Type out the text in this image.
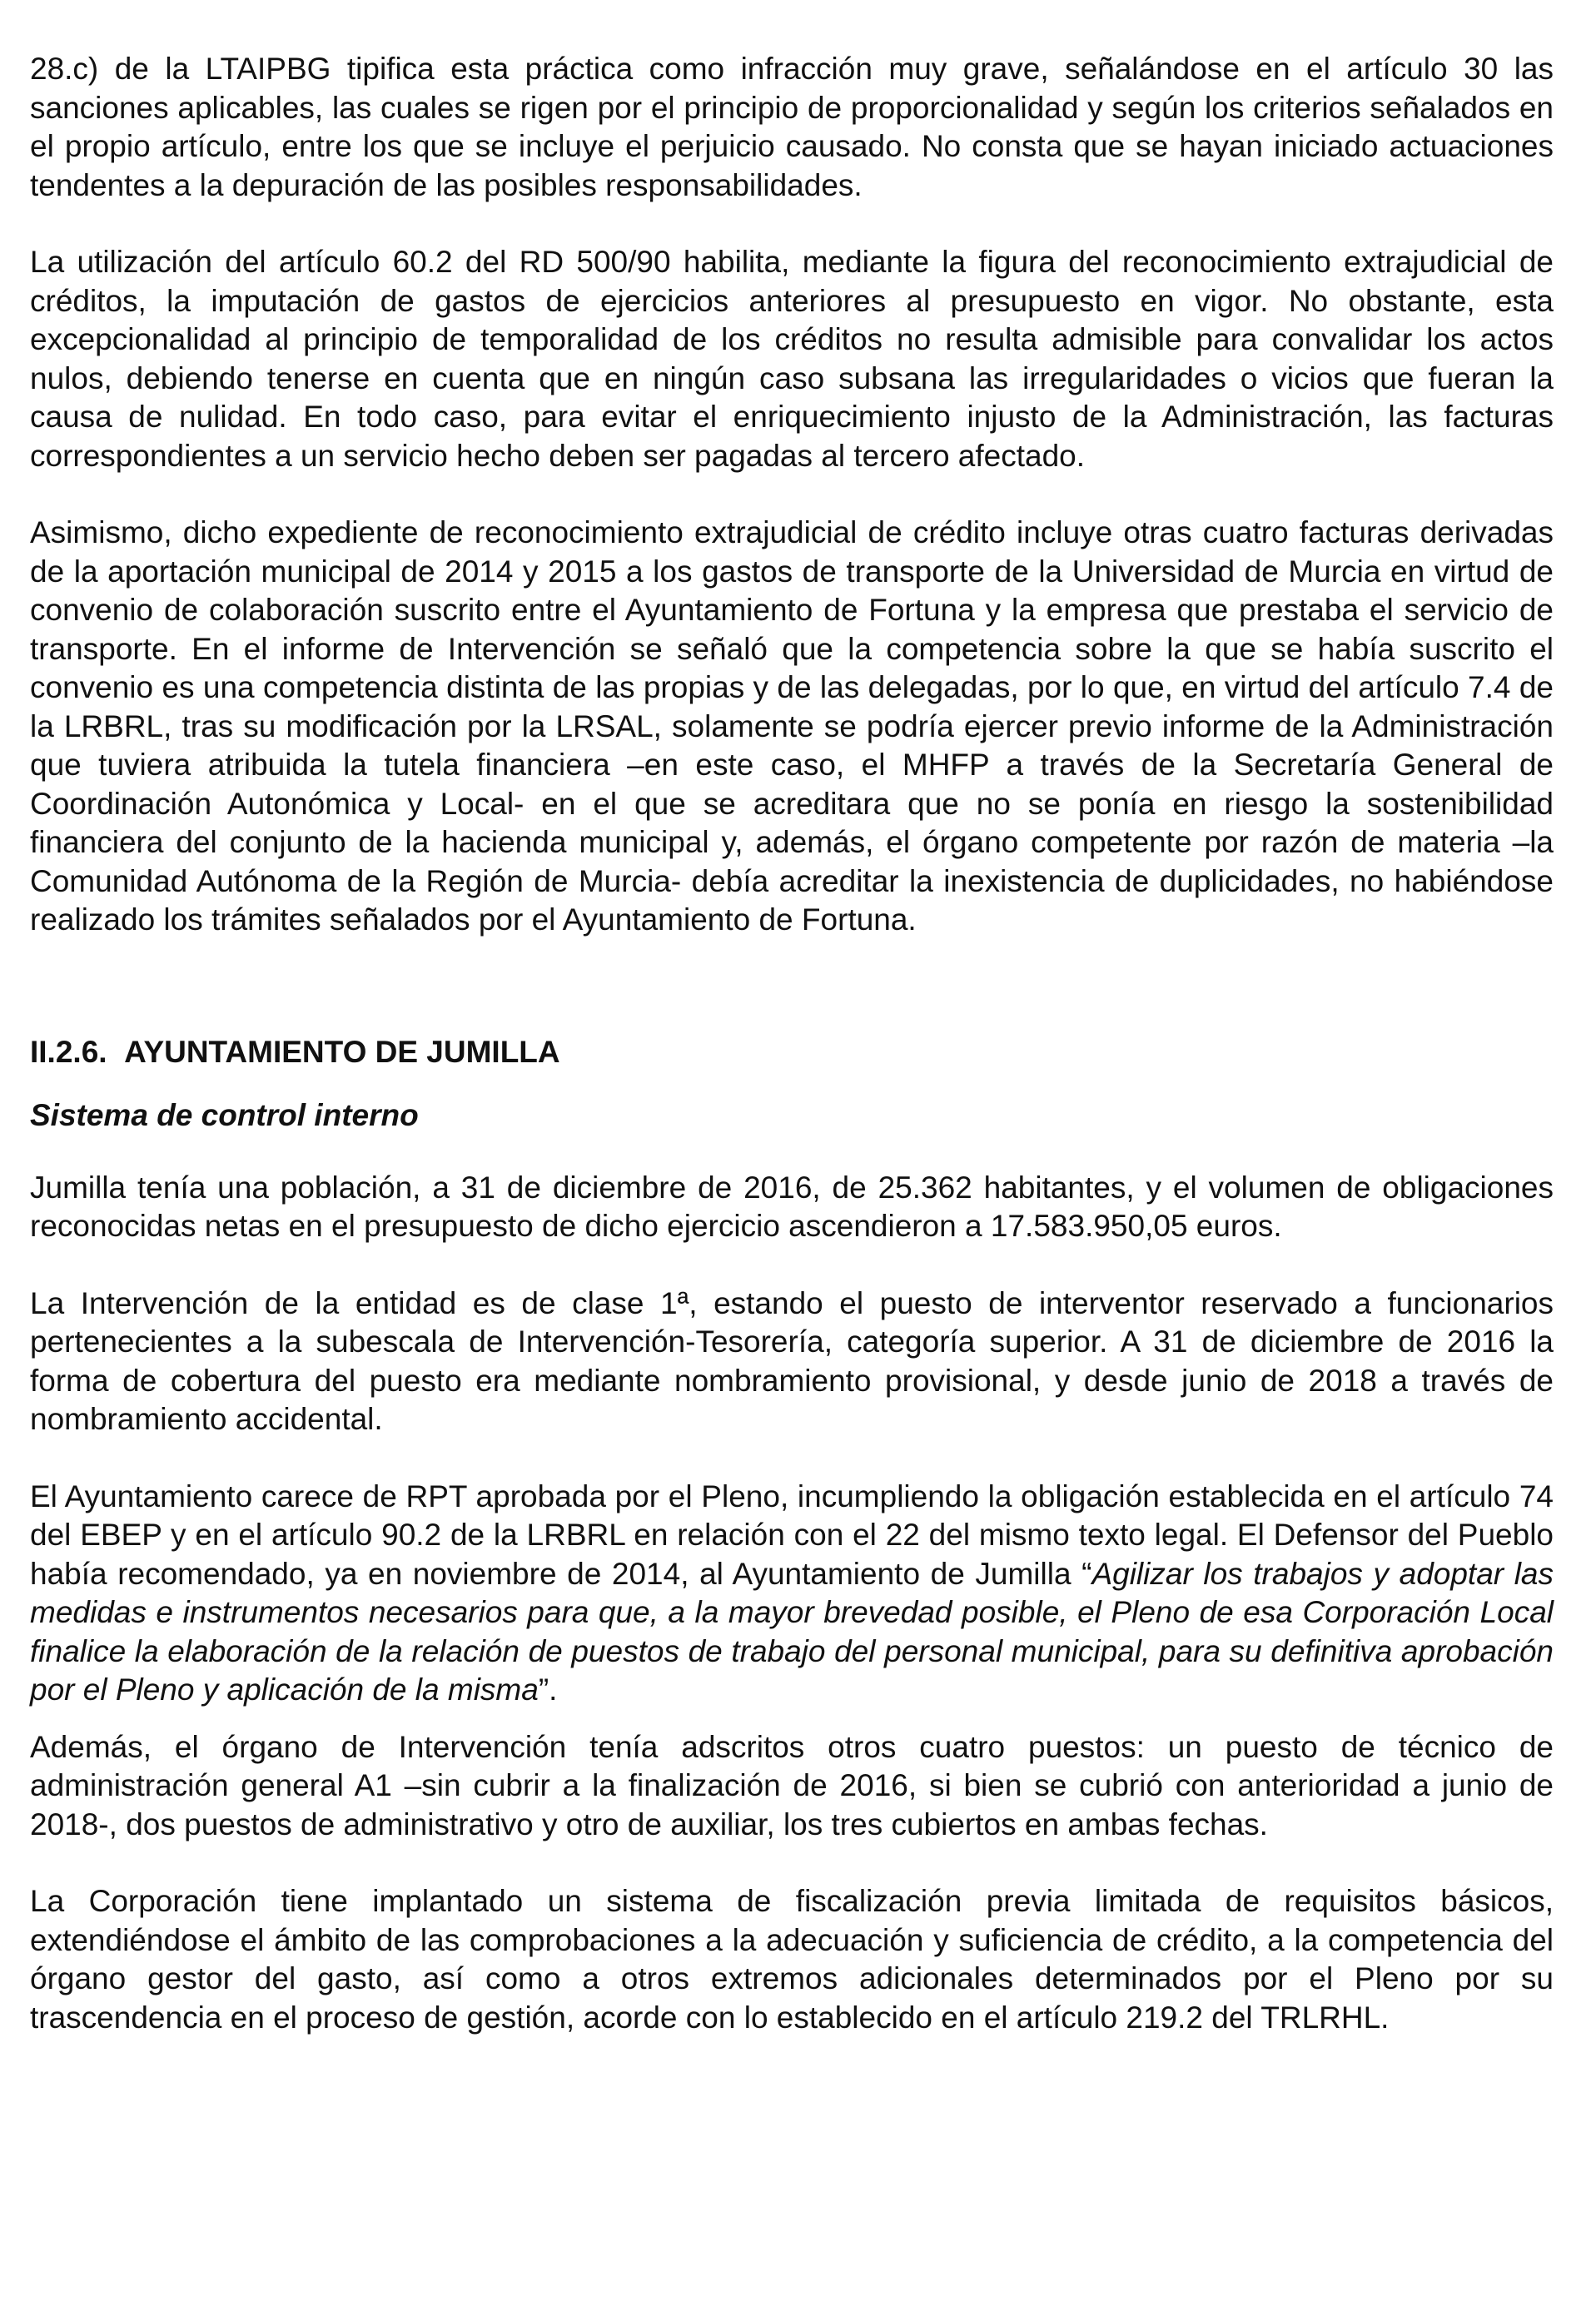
28.c) de la LTAIPBG tipifica esta práctica como infracción muy grave, señalándose en el artículo 30 las sanciones aplicables, las cuales se rigen por el principio de proporcionalidad y según los criterios señalados en el propio artículo, entre los que se incluye el perjuicio causado. No consta que se hayan iniciado actuaciones tendentes a la depuración de las posibles responsabilidades.

La utilización del artículo 60.2 del RD 500/90 habilita, mediante la figura del reconocimiento extrajudicial de créditos, la imputación de gastos de ejercicios anteriores al presupuesto en vigor. No obstante, esta excepcionalidad al principio de temporalidad de los créditos no resulta admisible para convalidar los actos nulos, debiendo tenerse en cuenta que en ningún caso subsana las irregularidades o vicios que fueran la causa de nulidad. En todo caso, para evitar el enriquecimiento injusto de la Administración, las facturas correspondientes a un servicio hecho deben ser pagadas al tercero afectado.

Asimismo, dicho expediente de reconocimiento extrajudicial de crédito incluye otras cuatro facturas derivadas de la aportación municipal de 2014 y 2015 a los gastos de transporte de la Universidad de Murcia en virtud de convenio de colaboración suscrito entre el Ayuntamiento de Fortuna y la empresa que prestaba el servicio de transporte. En el informe de Intervención se señaló que la competencia sobre la que se había suscrito el convenio es una competencia distinta de las propias y de las delegadas, por lo que, en virtud del artículo 7.4 de la LRBRL, tras su modificación por la LRSAL, solamente se podría ejercer previo informe de la Administración que tuviera atribuida la tutela financiera –en este caso, el MHFP a través de la Secretaría General de Coordinación Autonómica y Local- en el que se acreditara que no se ponía en riesgo la sostenibilidad financiera del conjunto de la hacienda municipal y, además, el órgano competente por razón de materia –la Comunidad Autónoma de la Región de Murcia- debía acreditar la inexistencia de duplicidades, no habiéndose realizado los trámites señalados por el Ayuntamiento de Fortuna.

II.2.6.  AYUNTAMIENTO DE JUMILLA

Sistema de control interno

Jumilla tenía una población, a 31 de diciembre de 2016, de 25.362 habitantes, y el volumen de obligaciones reconocidas netas en el presupuesto de dicho ejercicio ascendieron a 17.583.950,05 euros.

La Intervención de la entidad es de clase 1ª, estando el puesto de interventor reservado a funcionarios pertenecientes a la subescala de Intervención-Tesorería, categoría superior. A 31 de diciembre de 2016 la forma de cobertura del puesto era mediante nombramiento provisional, y desde junio de 2018 a través de nombramiento accidental.

El Ayuntamiento carece de RPT aprobada por el Pleno, incumpliendo la obligación establecida en el artículo 74 del EBEP y en el artículo 90.2 de la LRBRL en relación con el 22 del mismo texto legal. El Defensor del Pueblo había recomendado, ya en noviembre de 2014, al Ayuntamiento de Jumilla “Agilizar los trabajos y adoptar las medidas e instrumentos necesarios para que, a la mayor brevedad posible, el Pleno de esa Corporación Local finalice la elaboración de la relación de puestos de trabajo del personal municipal, para su definitiva aprobación por el Pleno y aplicación de la misma”.

Además, el órgano de Intervención tenía adscritos otros cuatro puestos: un puesto de técnico de administración general A1 –sin cubrir a la finalización de 2016, si bien se cubrió con anterioridad a junio de 2018-, dos puestos de administrativo y otro de auxiliar, los tres cubiertos en ambas fechas.

La Corporación tiene implantado un sistema de fiscalización previa limitada de requisitos básicos, extendiéndose el ámbito de las comprobaciones a la adecuación y suficiencia de crédito, a la competencia del órgano gestor del gasto, así como a otros extremos adicionales determinados por el Pleno por su trascendencia en el proceso de gestión, acorde con lo establecido en el artículo 219.2 del TRLRHL.
